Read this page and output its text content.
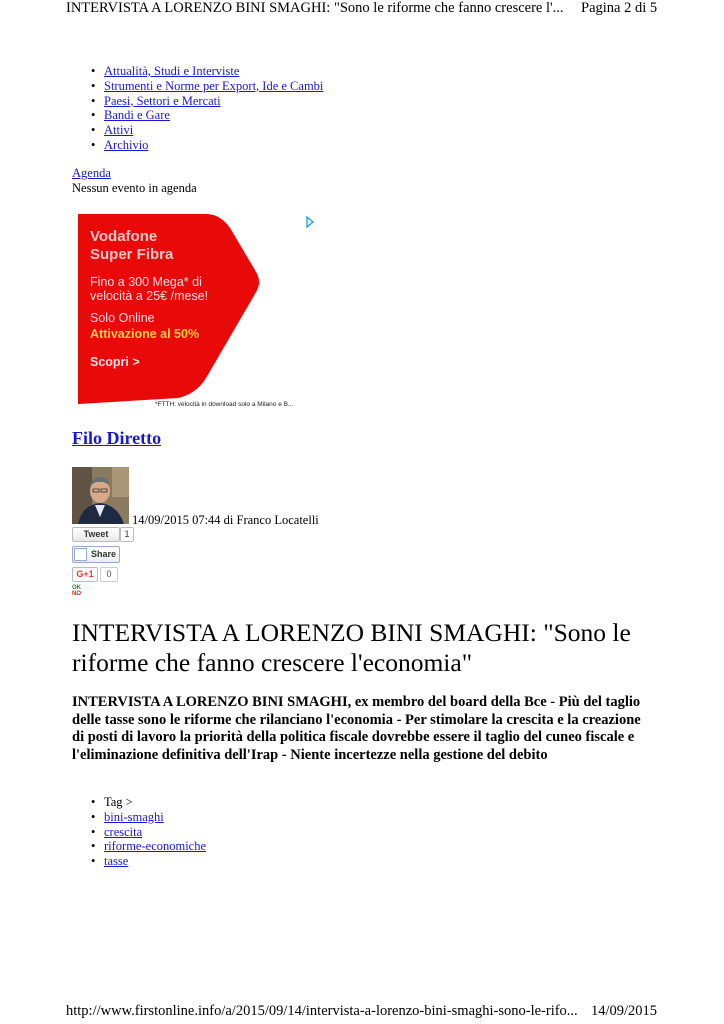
INTERVISTA A LORENZO BINI SMAGHI: "Sono le riforme che fanno crescere l'... Pagina 2 di 5
• Attualità, Studi e Interviste
• Strumenti e Norme per Export, Ide e Cambi
• Paesi, Settori e Mercati
• Bandi e Gare
• Attivi
• Archivio
Agenda
Nessun evento in agenda
Vodafone
Super Fibra
Fino a 300 Mega* di
velocità a 25€ /mese!
Solo Online
Attivazione al 50%
Scopri >
*FTTH: velocità in download solo a Milano e B...
Filo Diretto
14/09/2015 07:44 di Franco Locatelli
Tweet	1
Share
G+1	0
OK
NO
INTERVISTA A LORENZO BINI SMAGHI: "Sono le riforme che fanno crescere l'economia"
INTERVISTA A LORENZO BINI SMAGHI, ex membro del board della Bce - Più del taglio delle tasse sono le riforme che rilanciano l'economia - Per stimolare la crescita e la creazione di posti di lavoro la priorità della politica fiscale dovrebbe essere il taglio del cuneo fiscale e l'eliminazione definitiva dell'Irap - Niente incertezze nella gestione del debito
• Tag >
• bini-smaghi
• crescita
• riforme-economiche
• tasse
http://www.firstonline.info/a/2015/09/14/intervista-a-lorenzo-bini-smaghi-sono-le-rifo... 14/09/2015
